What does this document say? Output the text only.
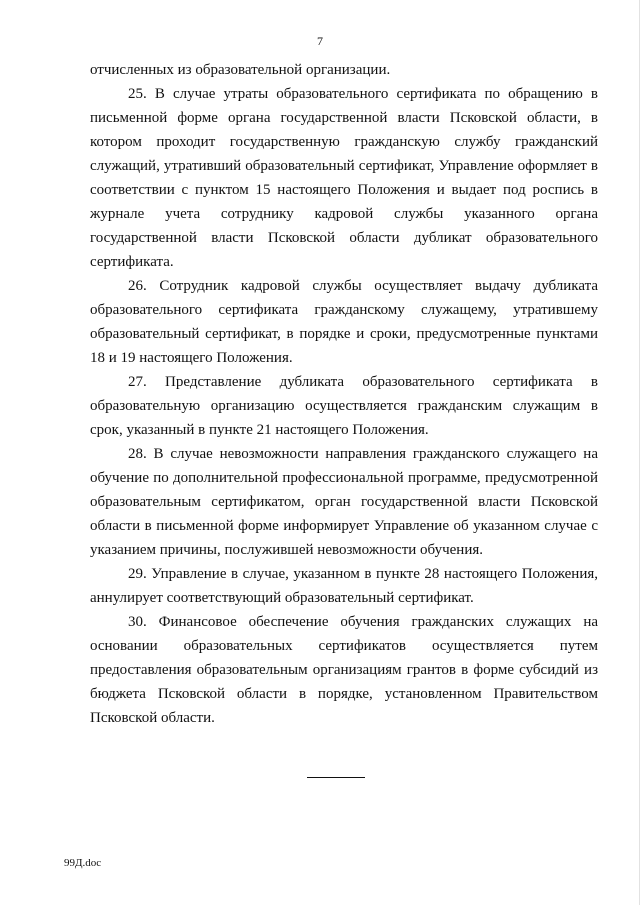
7

отчисленных из образовательной организации.

25. В случае утраты образовательного сертификата по обращению в письменной форме органа государственной власти Псковской области, в котором проходит государственную гражданскую службу гражданский служащий, утративший образовательный сертификат, Управление оформляет в соответствии с пунктом 15 настоящего Положения и выдает под роспись в журнале учета сотруднику кадровой службы указанного органа государственной власти Псковской области дубликат образовательного сертификата.

26. Сотрудник кадровой службы осуществляет выдачу дубликата образовательного сертификата гражданскому служащему, утратившему образовательный сертификат, в порядке и сроки, предусмотренные пунктами 18 и 19 настоящего Положения.

27. Представление дубликата образовательного сертификата в образовательную организацию осуществляется гражданским служащим в срок, указанный в пункте 21 настоящего Положения.

28. В случае невозможности направления гражданского служащего на обучение по дополнительной профессиональной программе, предусмотренной образовательным сертификатом, орган государственной власти Псковской области в письменной форме информирует Управление об указанном случае с указанием причины, послужившей невозможности обучения.

29. Управление в случае, указанном в пункте 28 настоящего Положения, аннулирует соответствующий образовательный сертификат.

30. Финансовое обеспечение обучения гражданских служащих на основании образовательных сертификатов осуществляется путем предоставления образовательным организациям грантов в форме субсидий из бюджета Псковской области в порядке, установленном Правительством Псковской области.

99Д.doc
